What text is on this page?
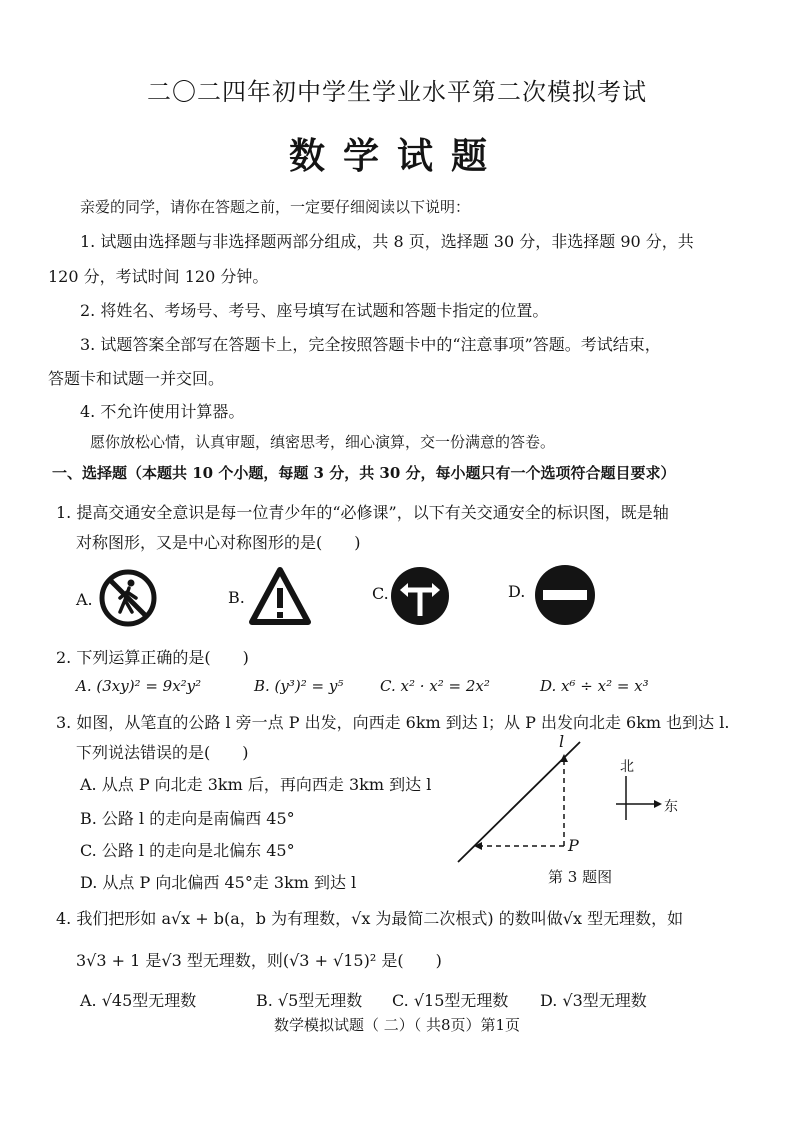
二〇二四年初中学生学业水平第二次模拟考试
数学试题
亲爱的同学，请你在答题之前，一定要仔细阅读以下说明：
1. 试题由选择题与非选择题两部分组成，共 8 页，选择题 30 分，非选择题 90 分，共
120 分，考试时间 120 分钟。
2. 将姓名、考场号、考号、座号填写在试题和答题卡指定的位置。
3. 试题答案全部写在答题卡上，完全按照答题卡中的“注意事项”答题。考试结束，
答题卡和试题一并交回。
4. 不允许使用计算器。
愿你放松心情，认真审题，缜密思考，细心演算，交一份满意的答卷。
一、选择题（本题共 10 个小题，每题 3 分，共 30 分，每小题只有一个选项符合题目要求）
1. 提高交通安全意识是每一位青少年的“必修课”，以下有关交通安全的标识图，既是轴
对称图形，又是中心对称图形的是(　　)
A.	B.	C.	D.
2. 下列运算正确的是(　　)
A. (3xy)² = 9x²y²	B. (y³)² = y⁵ C. x² · x² = 2x²	D. x⁶ ÷ x² = x³
3. 如图，从笔直的公路 l 旁一点 P 出发，向西走 6km 到达 l；从 P 出发向北走 6km 也到达 l.
下列说法错误的是(　　)
A. 从点 P 向北走 3km 后，再向西走 3km 到达 l
B. 公路 l 的走向是南偏西 45°
C. 公路 l 的走向是北偏东 45°
D. 从点 P 向北偏西 45°走 3km 到达 l
l
P
北
东
第 3 题图
4. 我们把形如 a√x + b(a，b 为有理数，√x 为最简二次根式) 的数叫做√x 型无理数，如
3√3 + 1 是√3 型无理数，则(√3 + √15)² 是(　　)
A. √45型无理数	B. √5型无理数 C. √15型无理数 D. √3型无理数
数学模拟试题（ 二）（ 共8页）第1页
